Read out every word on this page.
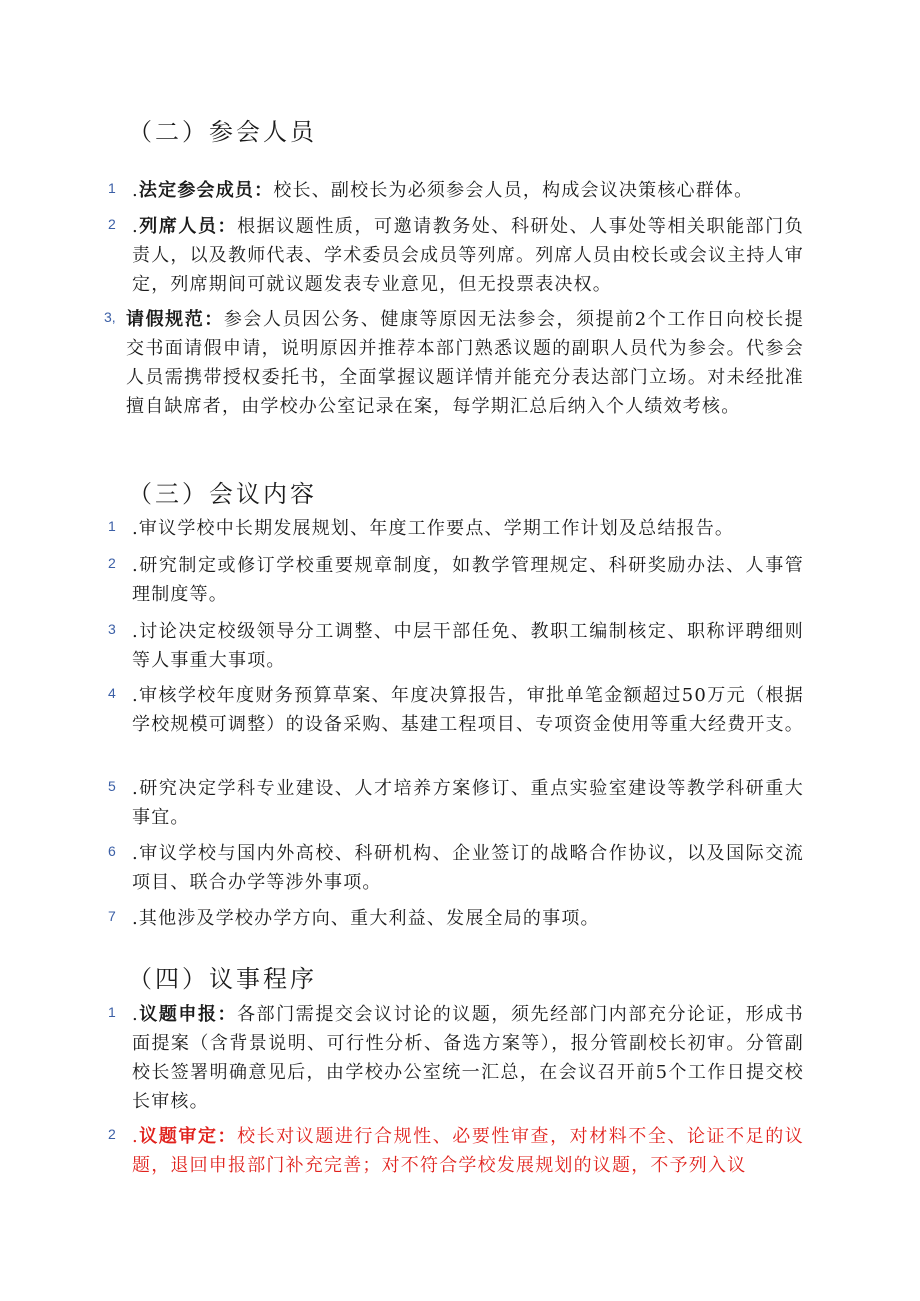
（二）参会人员
1 .法定参会成员：校长、副校长为必须参会人员，构成会议决策核心群体。
2 .列席人员：根据议题性质，可邀请教务处、科研处、人事处等相关职能部门负责人，以及教师代表、学术委员会成员等列席。列席人员由校长或会议主持人审定，列席期间可就议题发表专业意见，但无投票表决权。
3, 请假规范：参会人员因公务、健康等原因无法参会，须提前2个工作日向校长提交书面请假申请，说明原因并推荐本部门熟悉议题的副职人员代为参会。代参会人员需携带授权委托书，全面掌握议题详情并能充分表达部门立场。对未经批准擅自缺席者，由学校办公室记录在案，每学期汇总后纳入个人绩效考核。
（三）会议内容
1 .审议学校中长期发展规划、年度工作要点、学期工作计划及总结报告。
2 .研究制定或修订学校重要规章制度，如教学管理规定、科研奖励办法、人事管理制度等。
3 .讨论决定校级领导分工调整、中层干部任免、教职工编制核定、职称评聘细则等人事重大事项。
4 .审核学校年度财务预算草案、年度决算报告，审批单笔金额超过50万元（根据学校规模可调整）的设备采购、基建工程项目、专项资金使用等重大经费开支。
5 .研究决定学科专业建设、人才培养方案修订、重点实验室建设等教学科研重大事宜。
6 .审议学校与国内外高校、科研机构、企业签订的战略合作协议，以及国际交流项目、联合办学等涉外事项。
7 .其他涉及学校办学方向、重大利益、发展全局的事项。
（四）议事程序
1 .议题申报：各部门需提交会议讨论的议题，须先经部门内部充分论证，形成书面提案（含背景说明、可行性分析、备选方案等），报分管副校长初审。分管副校长签署明确意见后，由学校办公室统一汇总，在会议召开前5个工作日提交校长审核。
2 .议题审定：校长对议题进行合规性、必要性审查，对材料不全、论证不足的议题，退回申报部门补充完善；对不符合学校发展规划的议题，不予列入议
